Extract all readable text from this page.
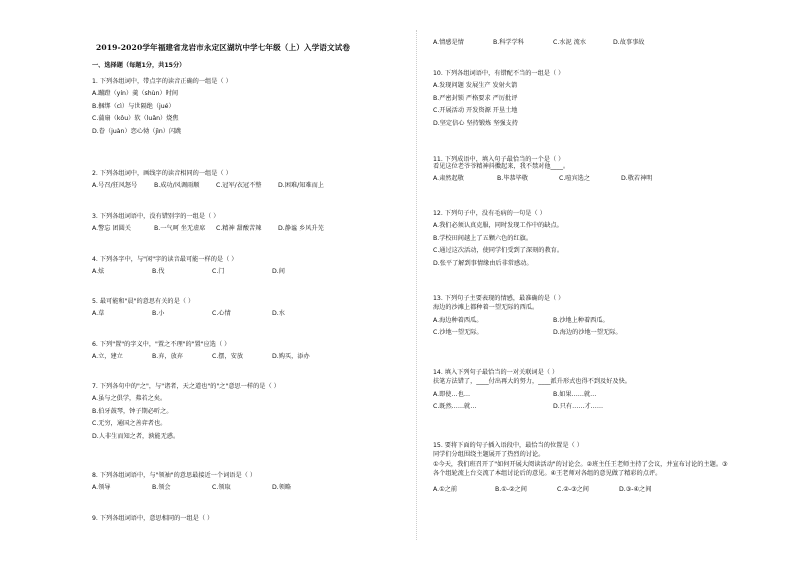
2019-2020学年福建省龙岩市永定区湖坑中学七年级（上）入学语文试卷
一、选择题（每题1分，共15分）
1. 下列各组词中，带点字的读音正确的一组是（ ）
A.蹦蹬（yín）羹（shùn）时间
B.捆绑（cì）与世隔绝（jué）
C.蒲扇（kǒu）软（luǎn）烧焦
D.眷（juàn）恋心恸（jìn）闪跳
2. 下列各组词中，画线字的读音相同的一组是（ ）
A.号召/狂风怒号	B.成功/风调雨顺	C.冠军/衣冠不整	D.困难/知难而上
3. 下列各组词语中，没有错别字的一组是（ ）
A.警忘 团圆关	B.一气呵 坐无虚席	C.精神 甜酸苦辣	D.静谧 乡风升芜
4. 下列各字中，与"闲"字的读音最可能一样的是（ ）
A.炫	B.伐	C.门	D.间
5. 最可能和"晨"的意思有关的是（ ）
A.草	B.小	C.心情	D.水
6. 下列"置"的字义中，"置之不理"的"置"应选（ ）
A.立，建立	B.弃，放弃	C.摆，安放	D.购买，添办
7. 下列各句中的"之"，与"诸者，天之道也"的"之"意思一样的是（ ）
A.虽与之俱学，弗若之矣。
B.伯牙鼓琴，钟子期必听之。
C.无穷，通国之善弈者也。
D.人非生而知之者，孰能无惑。
8. 下列各组词语中，与"领袖"的意思最接近一个词语是（ ）
A.领导	B.领会	C.领取	D.领略
9. 下列各组词语中，意思相同的一组是（ ）
A.情感是情	B.科学学科	C.水泥 流水	D.故事事故
10. 下列各组词语中，有错配不当的一组是（ ）
A.发现问题 发展生产 发射火箭
B.严密封锁 严格要求 严厉批评
C.开展活动 开发资源 开垦土地
D.坚定信心 坚持锻炼 坚强支持
11. 下列成语中，填入句子最恰当的一个是（ ）
看见这位老爷爷精神抖擞起来，我不禁对他____。
A.肃然起敬	B.毕恭毕敬	C.喧宾选之	D.敬若神明
12. 下列句子中，没有毛病的一句是（ ）
A.我们必须认真克服，同时发现工作中的缺点。
B.学校田间越上了五颗六色的红旗。
C.通过这次活动，使同学们受到了深刻的教育。
D.张平了解到事情缘由后非常感动。
13. 下列句子主要表现的情感，最准确的是（ ）
海边的沙滩上都种着一望无际的西瓜。
A.海边种着西瓜。	B.沙地上种着西瓜。
C.沙地一望无际。	D.海边的沙地一望无际。
14. 填入下列句子最恰当的一对关联词是（ ）
扶笔方法错了，____付出再大的努力，____派升形式也得不到及好及快。
A.即使…也…	B.如果……就…
C.既然……就…	D.只有……才……
15. 要将下面的句子插入语段中，最恰当的位置是（ ）
同学们分组围绕主题展开了热烈的讨论。
①今天，我们班召开了"如何开展大阅读活动"的讨论会。②班主任王老师主持了会议，并宣布讨论的主题。③
各个组轮流上台交流了本组讨论后的意见。④王老师对各组的意见做了精彩的点评。
A.①之前	B.①-②之间	C.②-③之间	D.③-④之间
